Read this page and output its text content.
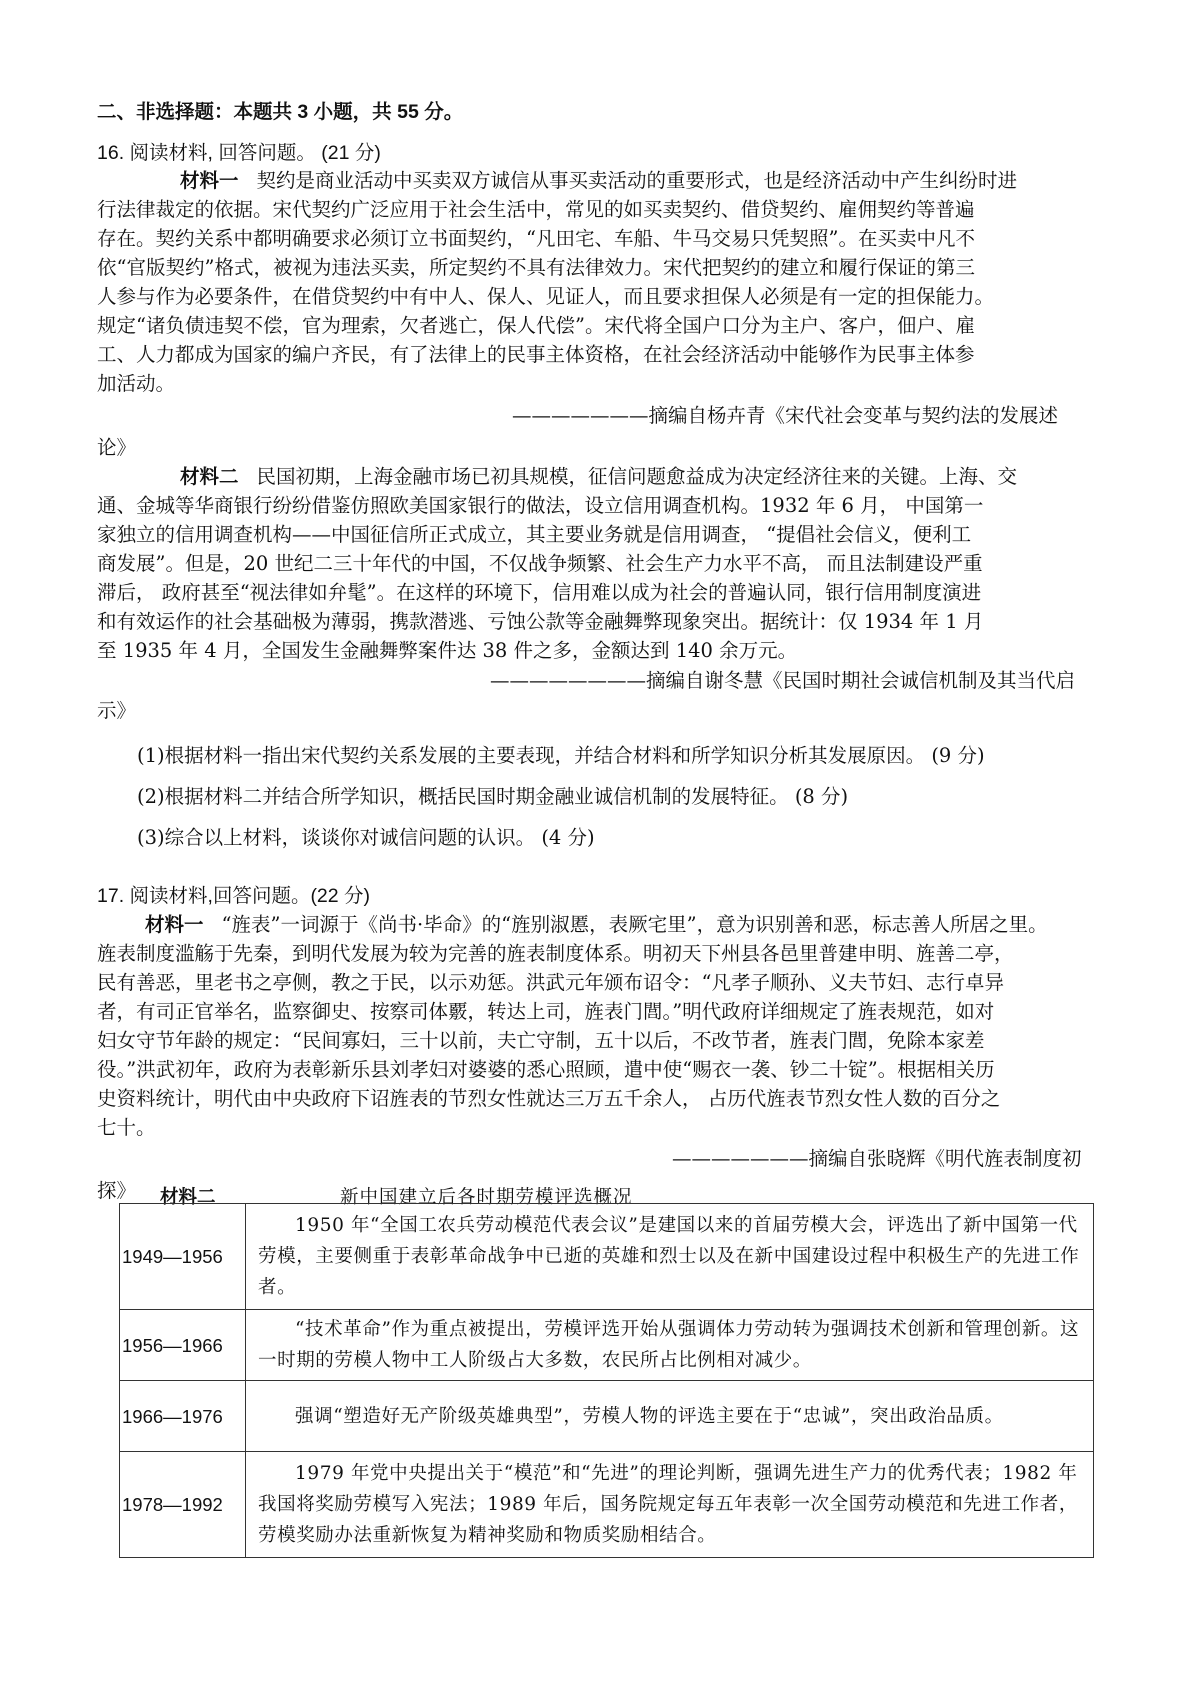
二、非选择题：本题共 3 小题，共 55 分。
16. 阅读材料, 回答问题。 (21 分)
材料一 契约是商业活动中买卖双方诚信从事买卖活动的重要形式，也是经济活动中产生纠纷时进
行法律裁定的依据。宋代契约广泛应用于社会生活中，常见的如买卖契约、借贷契约、雇佣契约等普遍
存在。契约关系中都明确要求必须订立书面契约，“凡田宅、车船、牛马交易只凭契照”。在买卖中凡不
依“官版契约”格式，被视为违法买卖，所定契约不具有法律效力。宋代把契约的建立和履行保证的第三
人参与作为必要条件，在借贷契约中有中人、保人、见证人，而且要求担保人必须是有一定的担保能力。
规定“诸负债违契不偿，官为理索，欠者逃亡，保人代偿”。宋代将全国户口分为主户、客户，佃户、雇
工、人力都成为国家的编户齐民，有了法律上的民事主体资格，在社会经济活动中能够作为民事主体参
加活动。
———————摘编自杨卉青《宋代社会变革与契约法的发展述
论》
材料二 民国初期，上海金融市场已初具规模，征信问题愈益成为决定经济往来的关键。上海、交
通、金城等华商银行纷纷借鉴仿照欧美国家银行的做法，设立信用调查机构。1932 年 6 月， 中国第一
家独立的信用调查机构——中国征信所正式成立，其主要业务就是信用调查， “提倡社会信义，便利工
商发展”。但是，20 世纪二三十年代的中国，不仅战争频繁、社会生产力水平不高， 而且法制建设严重
滞后， 政府甚至“视法律如弁髦”。在这样的环境下，信用难以成为社会的普遍认同，银行信用制度演进
和有效运作的社会基础极为薄弱，携款潜逃、亏蚀公款等金融舞弊现象突出。据统计：仅 1934 年 1 月
至 1935 年 4 月，全国发生金融舞弊案件达 38 件之多，金额达到 140 余万元。
————————摘编自谢冬慧《民国时期社会诚信机制及其当代启
示》
(1)根据材料一指出宋代契约关系发展的主要表现，并结合材料和所学知识分析其发展原因。 (9 分)
(2)根据材料二并结合所学知识，概括民国时期金融业诚信机制的发展特征。 (8 分)
(3)综合以上材料，谈谈你对诚信问题的认识。 (4 分)
17. 阅读材料,回答问题。(22 分)
材料一 “旌表”一词源于《尚书·毕命》的“旌别淑慝，表厥宅里”，意为识别善和恶，标志善人所居之里。
旌表制度滥觞于先秦，到明代发展为较为完善的旌表制度体系。明初天下州县各邑里普建申明、旌善二亭，
民有善恶，里老书之亭侧，教之于民，以示劝惩。洪武元年颁布诏令：“凡孝子顺孙、义夫节妇、志行卓异
者，有司正官举名，监察御史、按察司体覈，转达上司，旌表门閭。”明代政府详细规定了旌表规范，如对
妇女守节年龄的规定：“民间寡妇，三十以前，夫亡守制，五十以后，不改节者，旌表门閭，免除本家差
役。”洪武初年，政府为表彰新乐县刘孝妇对婆婆的悉心照顾，遣中使“赐衣一袭、钞二十锭”。根据相关历
史资料统计，明代由中央政府下诏旌表的节烈女性就达三万五千余人， 占历代旌表节烈女性人数的百分之
七十。
———————摘编自张晓辉《明代旌表制度初
探》 材料二	新中国建立后各时期劳模评选概况
1949—1956	1950 年“全国工农兵劳动模范代表会议”是建国以来的首届劳模大会，评选出了新中国第一代劳模，主要侧重于表彰革命战争中已逝的英雄和烈士以及在新中国建设过程中积极生产的先进工作者。

1956—1966	“技术革命”作为重点被提出，劳模评选开始从强调体力劳动转为强调技术创新和管理创新。这一时期的劳模人物中工人阶级占大多数，农民所占比例相对减少。

1966—1976	强调“塑造好无产阶级英雄典型”，劳模人物的评选主要在于“忠诚”，突出政治品质。

1978—1992	1979 年党中央提出关于“模范”和“先进”的理论判断，强调先进生产力的优秀代表；1982 年我国将奖励劳模写入宪法；1989 年后，国务院规定每五年表彰一次全国劳动模范和先进工作者，劳模奖励办法重新恢复为精神奖励和物质奖励相结合。
